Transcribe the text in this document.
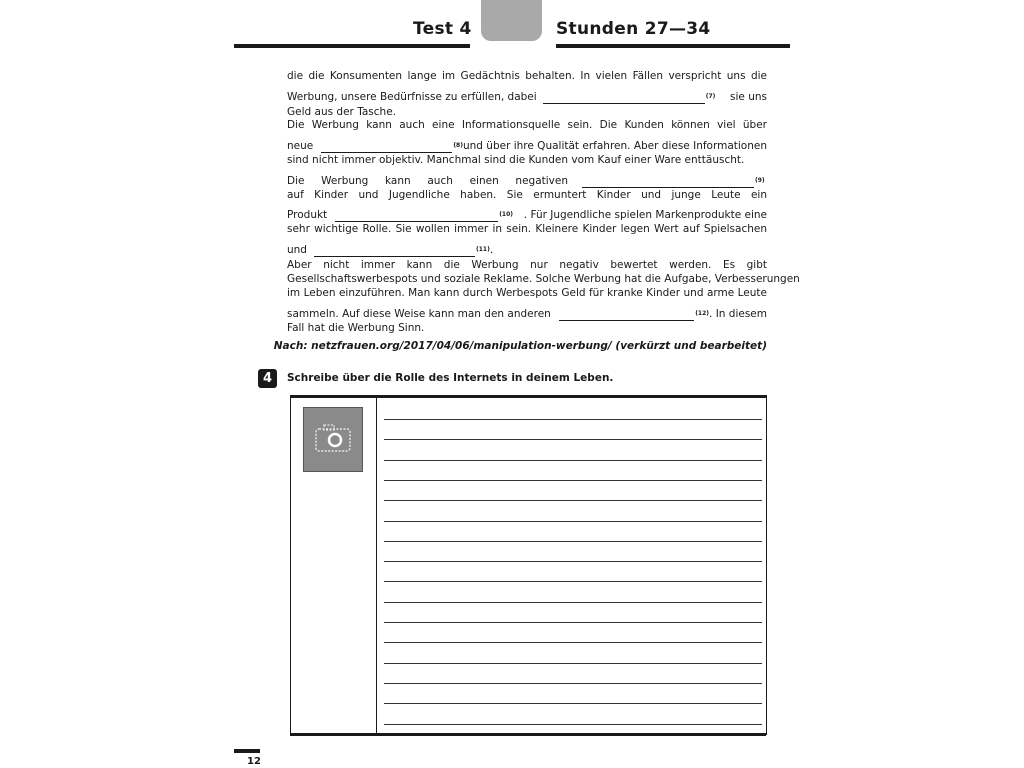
Test 4	Stunden 27—34
die die Konsumenten lange im Gedächtnis behalten. In vielen Fällen verspricht uns die
Werbung, unsere Bedürfnisse zu erfüllen, dabei	$^{(7)}$ sie uns
Geld aus der Tasche.
Die Werbung kann auch eine Informationsquelle sein. Die Kunden können viel über
neue	$^{(8)}$ und über ihre Qualität erfahren. Aber diese Informationen
sind nicht immer objektiv. Manchmal sind die Kunden vom Kauf einer Ware enttäuscht.
Die Werbung kann auch einen negativen	$^{(9)}$
auf Kinder und Jugendliche haben. Sie ermuntert Kinder und junge Leute ein
Produkt	$^{(10)}$ . Für Jugendliche spielen Markenprodukte eine
sehr wichtige Rolle. Sie wollen immer in sein. Kleinere Kinder legen Wert auf Spielsachen
und	$^{(11)}$ .
Aber nicht immer kann die Werbung nur negativ bewertet werden. Es gibt
Gesellschaftswerbespots und soziale Reklame. Solche Werbung hat die Aufgabe, Verbesserungen
im Leben einzuführen. Man kann durch Werbespots Geld für kranke Kinder und arme Leute
sammeln. Auf diese Weise kann man den anderen	$^{(12)}$ . In diesem
Fall hat die Werbung Sinn.
Nach: netzfrauen.org/2017/04/06/manipulation-werbung/ (verkürzt und bearbeitet)
4	Schreibe über die Rolle des Internets in deinem Leben.
12
